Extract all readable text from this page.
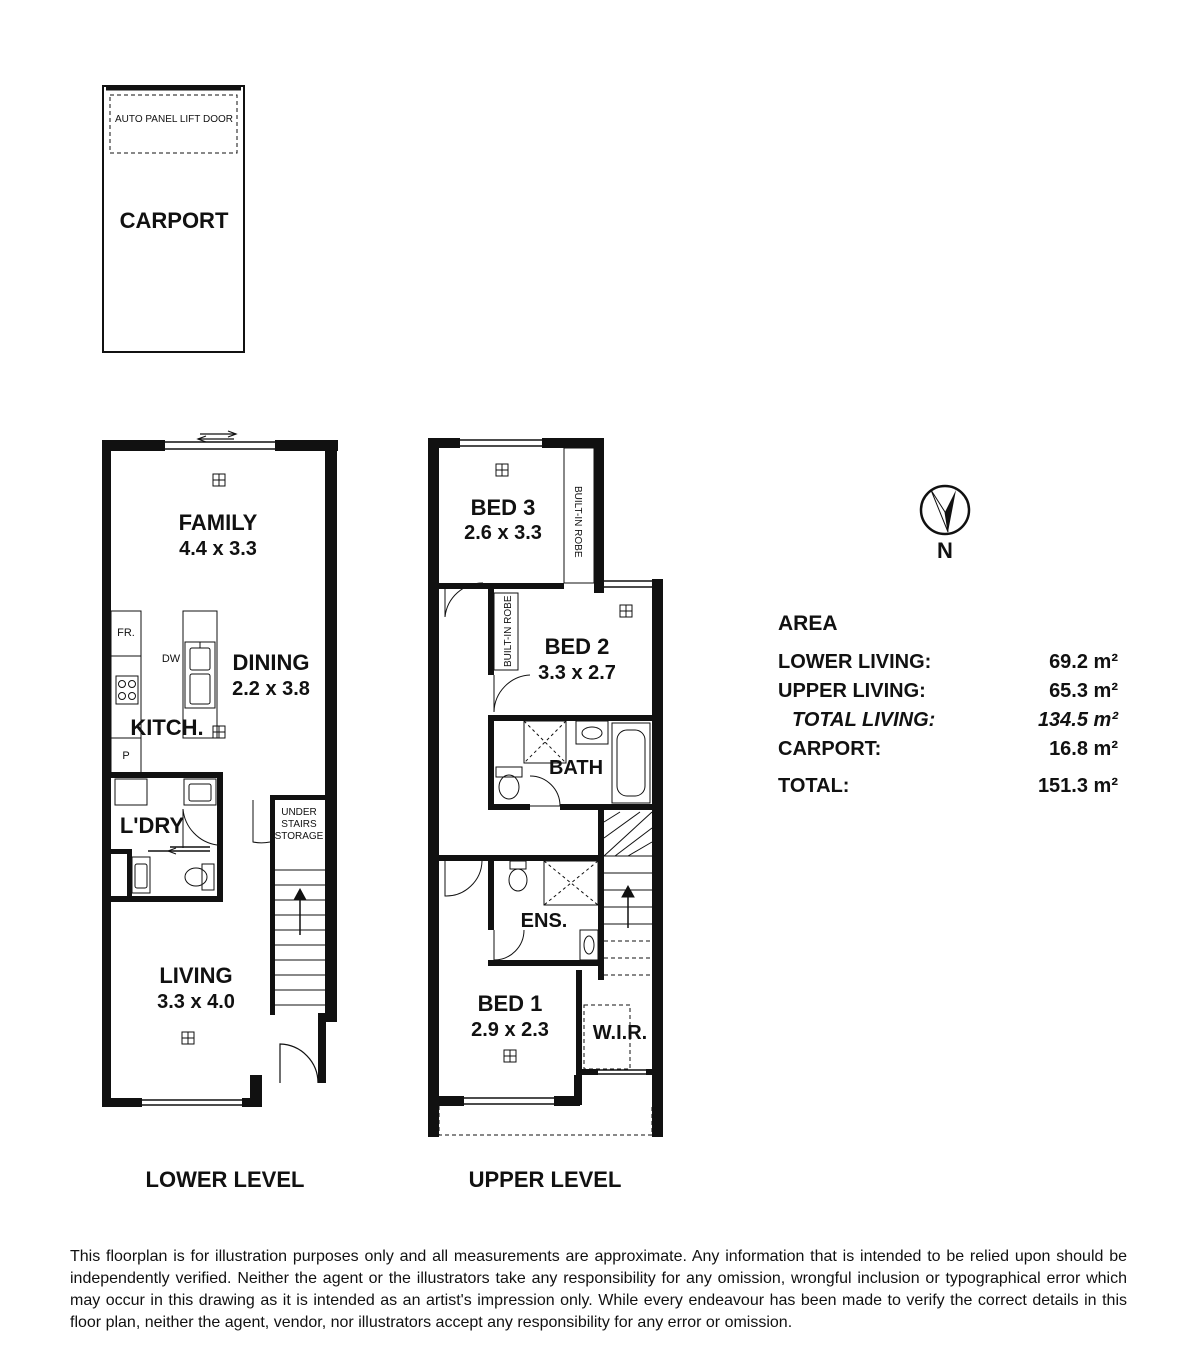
AUTO PANEL LIFT DOOR
CARPORT
FAMILY
4.4 x 3.3
DINING
2.2 x 3.8
KITCH.
FR.
DW
P
L'DRY
UNDER
STAIRS
STORAGE
LIVING
3.3 x 4.0
LOWER LEVEL
BUILT-IN ROBE
BUILT-IN ROBE
BED 3
2.6 x 3.3
BED 2
3.3 x 2.7
BATH
ENS.
BED 1
2.9 x 2.3 W.I.R.
UPPER LEVEL
N
AREA
LOWER LIVING:	69.2 m²
UPPER LIVING:	65.3 m²
TOTAL LIVING:	134.5 m²
CARPORT:	16.8 m²
TOTAL:	151.3 m²
This floorplan is for illustration purposes only and all measurements are approximate. Any information that is intended to be relied upon should be independently verified. Neither the agent or the illustrators take any responsibility for any omission, wrongful inclusion or typographical error which may occur in this drawing as it is intended as an artist's impression only. While every endeavour has been made to verify the correct details in this floor plan, neither the agent, vendor, nor illustrators accept any responsibility for any error or omission.
